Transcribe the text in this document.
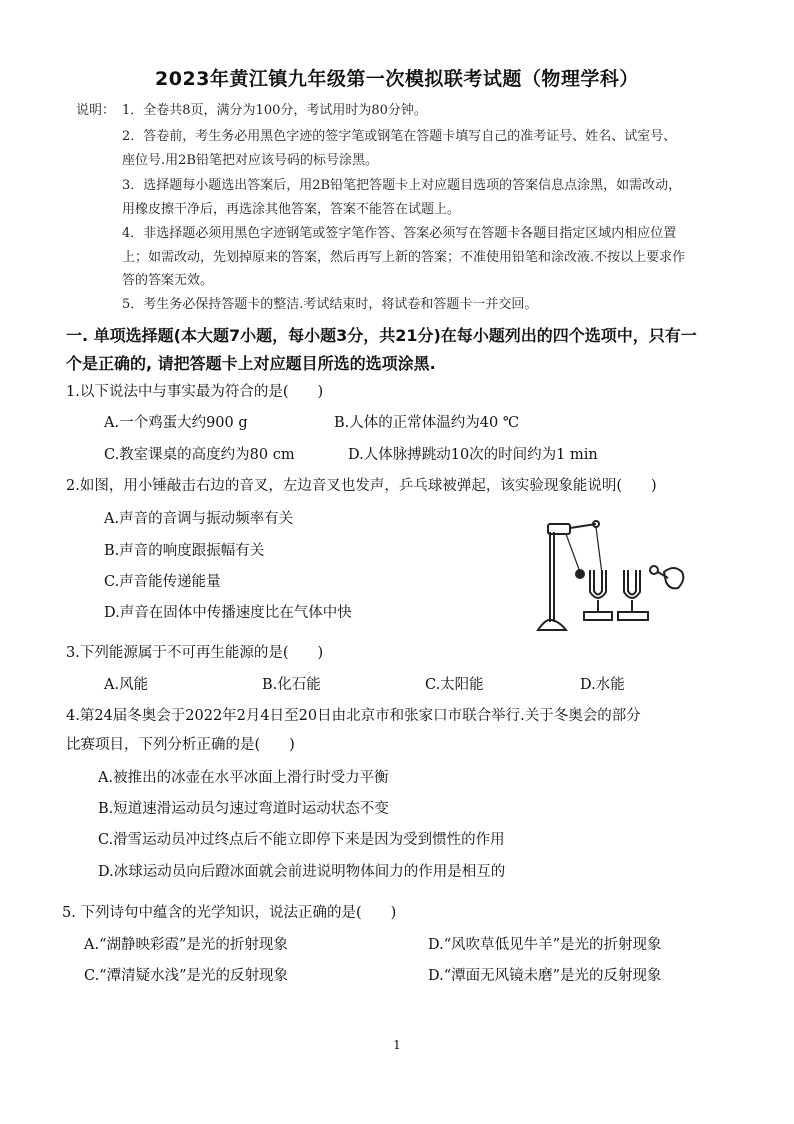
2023年黄江镇九年级第一次模拟联考试题（物理学科）
说明： 1．全卷共8页，满分为100分，考试用时为80分钟。
2．答卷前，考生务必用黑色字迹的签字笔或钢笔在答题卡填写自己的准考证号、姓名、试室号、
座位号.用2B铅笔把对应该号码的标号涂黑。
3．选择题每小题选出答案后，用2B铅笔把答题卡上对应题目选项的答案信息点涂黑，如需改动，
用橡皮擦干净后，再选涂其他答案，答案不能答在试题上。
4．非选择题必须用黑色字迹钢笔或签字笔作答、答案必须写在答题卡各题目指定区域内相应位置
上；如需改动，先划掉原来的答案，然后再写上新的答案；不准使用铅笔和涂改液.不按以上要求作
答的答案无效。
5．考生务必保持答题卡的整洁.考试结束时，将试卷和答题卡一并交回。
一. 单项选择题(本大题7小题，每小题3分，共21分)在每小题列出的四个选项中，只有一
个是正确的, 请把答题卡上对应题目所选的选项涂黑.
1.以下说法中与事实最为符合的是(　　)
A.一个鸡蛋大约900 g	B.人体的正常体温约为40 ℃
C.教室课桌的高度约为80 cm	D.人体脉搏跳动10次的时间约为1 min
2.如图，用小锤敲击右边的音叉，左边音叉也发声，乒乓球被弹起，该实验现象能说明(　　)
A.声音的音调与振动频率有关
B.声音的响度跟振幅有关
C.声音能传递能量
D.声音在固体中传播速度比在气体中快
3.下列能源属于不可再生能源的是(　　)
A.风能	B.化石能	C.太阳能	D.水能
4.第24届冬奥会于2022年2月4日至20日由北京市和张家口市联合举行.关于冬奥会的部分
比赛项目，下列分析正确的是(　　)
A.被推出的冰壶在水平冰面上滑行时受力平衡
B.短道速滑运动员匀速过弯道时运动状态不变
C.滑雪运动员冲过终点后不能立即停下来是因为受到惯性的作用
D.冰球运动员向后蹬冰面就会前进说明物体间力的作用是相互的
5. 下列诗句中蕴含的光学知识，说法正确的是(　　)
A.“湖静映彩霞”是光的折射现象	D.“风吹草低见牛羊”是光的折射现象
C.“潭清疑水浅”是光的反射现象	D.“潭面无风镜未磨”是光的反射现象
1
